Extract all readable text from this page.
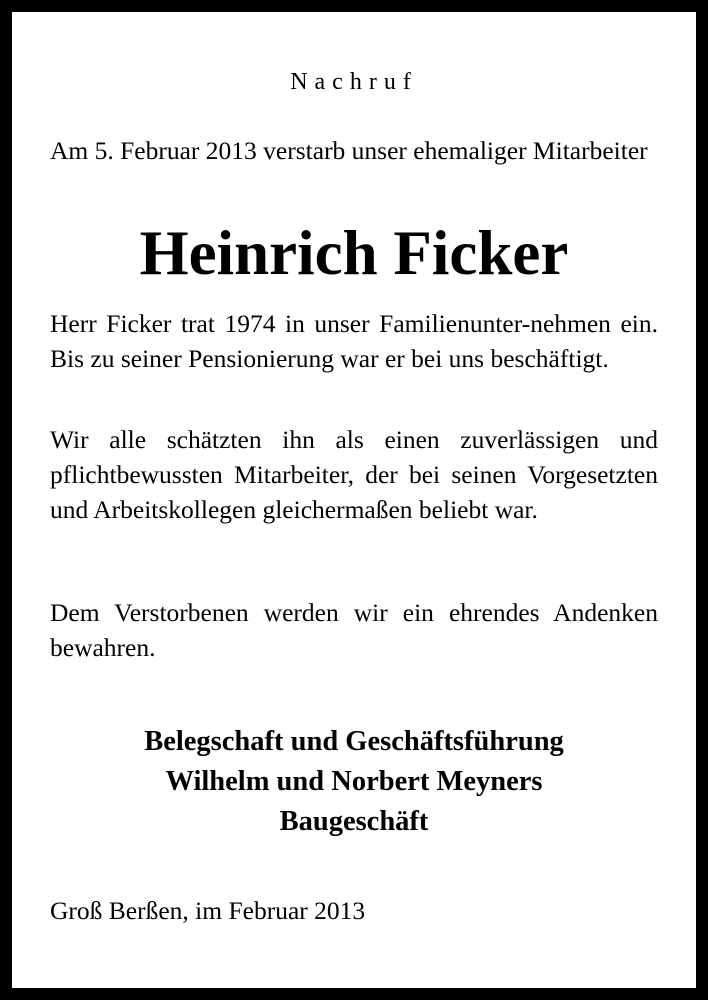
Nachruf

Am 5. Februar 2013 verstarb unser ehemaliger Mitarbeiter

Heinrich Ficker

Herr Ficker trat 1974 in unser Familienunter-nehmen ein. Bis zu seiner Pensionierung war er bei uns beschäftigt.

Wir alle schätzten ihn als einen zuverlässigen und pflichtbewussten Mitarbeiter, der bei seinen Vorgesetzten und Arbeitskollegen gleichermaßen beliebt war.

Dem Verstorbenen werden wir ein ehrendes Andenken bewahren.

Belegschaft und Geschäftsführung
Wilhelm und Norbert Meyners
Baugeschäft
Groß Berßen, im Februar 2013
